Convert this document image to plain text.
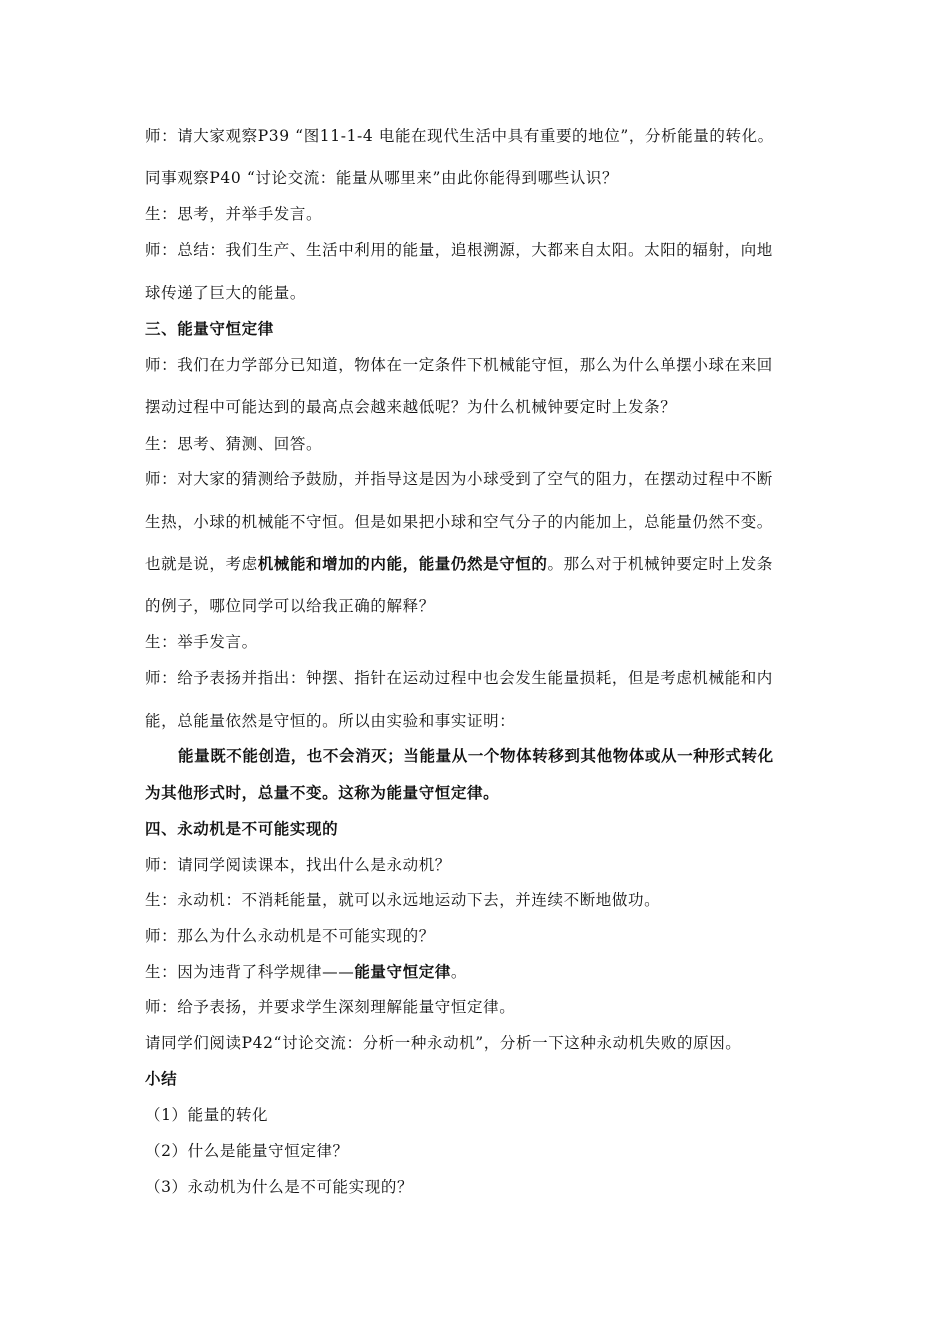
师：请大家观察P39 “图11-1-4 电能在现代生活中具有重要的地位”，分析能量的转化。
同事观察P40 “讨论交流：能量从哪里来”由此你能得到哪些认识？
生：思考，并举手发言。
师：总结：我们生产、生活中利用的能量，追根溯源，大都来自太阳。太阳的辐射，向地
球传递了巨大的能量。
三、能量守恒定律
师：我们在力学部分已知道，物体在一定条件下机械能守恒，那么为什么单摆小球在来回
摆动过程中可能达到的最高点会越来越低呢？为什么机械钟要定时上发条？
生：思考、猜测、回答。
师：对大家的猜测给予鼓励，并指导这是因为小球受到了空气的阻力，在摆动过程中不断
生热，小球的机械能不守恒。但是如果把小球和空气分子的内能加上，总能量仍然不变。
也就是说，考虑机械能和增加的内能，能量仍然是守恒的。那么对于机械钟要定时上发条
的例子，哪位同学可以给我正确的解释？
生：举手发言。
师：给予表扬并指出：钟摆、指针在运动过程中也会发生能量损耗，但是考虑机械能和内
能，总能量依然是守恒的。所以由实验和事实证明：
能量既不能创造，也不会消灭；当能量从一个物体转移到其他物体或从一种形式转化
为其他形式时，总量不变。这称为能量守恒定律。
四、永动机是不可能实现的
师：请同学阅读课本，找出什么是永动机？
生：永动机：不消耗能量，就可以永远地运动下去，并连续不断地做功。
师：那么为什么永动机是不可能实现的？
生：因为违背了科学规律——能量守恒定律。
师：给予表扬，并要求学生深刻理解能量守恒定律。
请同学们阅读P42“讨论交流：分析一种永动机”，分析一下这种永动机失败的原因。
小结
（1）能量的转化
（2）什么是能量守恒定律？
（3）永动机为什么是不可能实现的？
